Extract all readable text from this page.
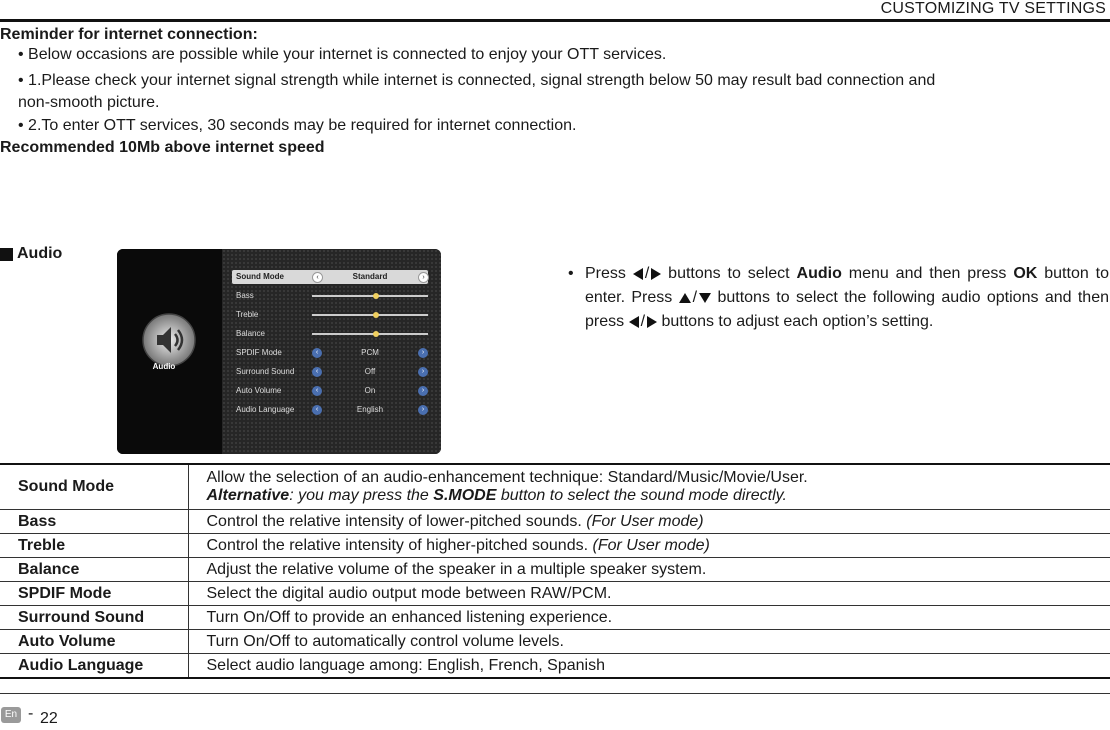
CUSTOMIZING TV SETTINGS
Reminder for internet connection:
• Below occasions are possible while your internet is connected to enjoy your OTT services.
• 1.Please check your internet signal strength while internet is connected, signal strength below 50 may result bad connection and
non-smooth picture.
• 2.To enter OTT services, 30 seconds may be required for internet connection.
Recommended 10Mb above internet speed
Audio
Audio
Sound Mode	‹	Standard	›
Bass
Treble
Balance
SPDIF Mode	‹	PCM	›
Surround Sound	‹	Off	›
Auto Volume	‹	On	›
Audio Language	‹	English	›
• Press / buttons to select Audio menu and then press OK button to enter. Press / buttons to select the following audio options and then press / buttons to adjust each option’s setting.
Sound Mode	Allow the selection of an audio-enhancement technique: Standard/Music/Movie/User.
Alternative: you may press the S.MODE button to select the sound mode directly.

Bass	Control the relative intensity of lower-pitched sounds. (For User mode)
Treble	Control the relative intensity of higher-pitched sounds. (For User mode)
Balance	Adjust the relative volume of the speaker in a multiple speaker system.
SPDIF Mode	Select the digital audio output mode between RAW/PCM.
Surround Sound	Turn On/Off to provide an enhanced listening experience.
Auto Volume	Turn On/Off to automatically control volume levels.
Audio Language	Select audio language among: English, French, Spanish
En - 22
